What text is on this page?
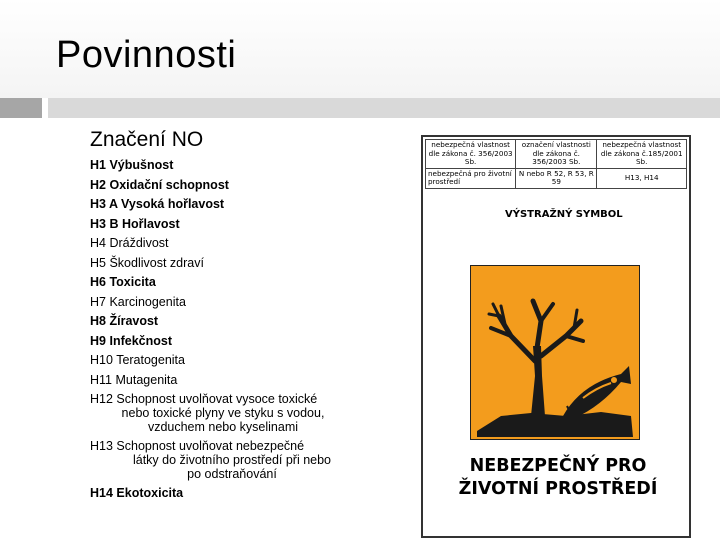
Povinnosti
Značení NO
H1 Výbušnost
H2 Oxidační schopnost
H3 A Vysoká hořlavost
H3 B Hořlavost
H4 Dráždivost
H5 Škodlivost zdraví
H6 Toxicita
H7 Karcinogenita
H8 Žíravost
H9 Infekčnost
H10 Teratogenita
H11 Mutagenita
H12 Schopnost uvolňovat vysoce toxické
nebo toxické plyny ve styku s vodou, vzduchem nebo kyselinami
H13 Schopnost uvolňovat nebezpečné
látky do životního prostředí při nebo po odstraňování
H14 Ekotoxicita
nebezpečná vlastnost dle zákona č. 356/2003 Sb.	označení vlastnosti dle zákona č. 356/2003 Sb.	nebezpečná vlastnost dle zákona č.185/2001 Sb.
nebezpečná pro životní prostředí	N nebo R 52, R 53, R 59	H13, H14
VÝSTRAŽNÝ SYMBOL
NEBEZPEČNÝ PRO
ŽIVOTNÍ PROSTŘEDÍ
